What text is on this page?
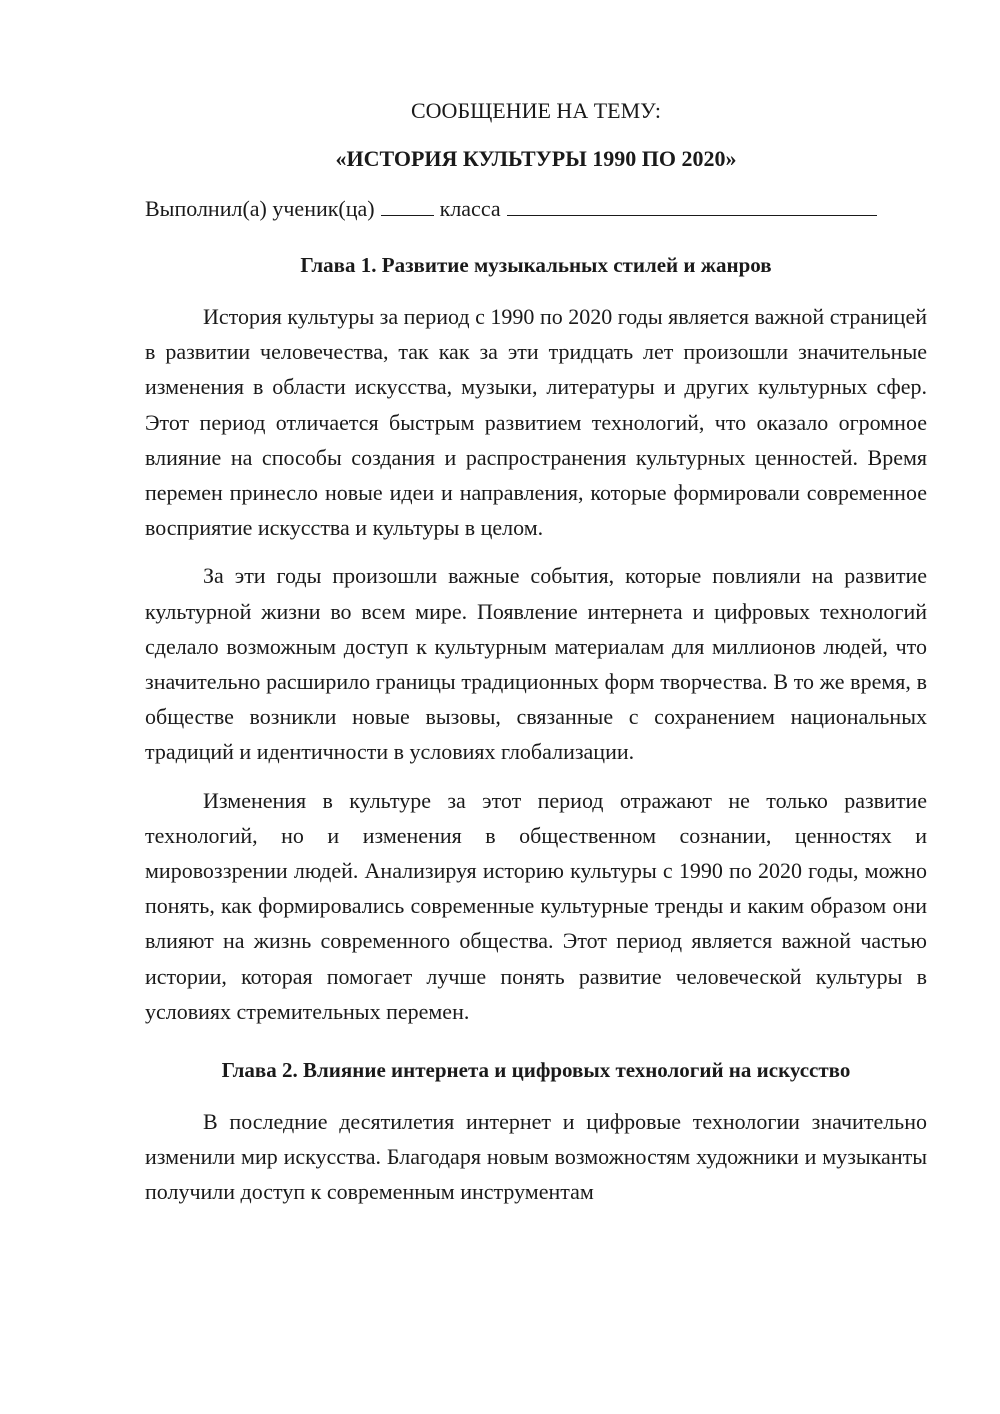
СООБЩЕНИЕ НА ТЕМУ:

«ИСТОРИЯ КУЛЬТУРЫ 1990 ПО 2020»

Выполнил(а) ученик(ца)	класса

Глава 1. Развитие музыкальных стилей и жанров

История культуры за период с 1990 по 2020 годы является важной страницей в развитии человечества, так как за эти тридцать лет произошли значительные изменения в области искусства, музыки, литературы и других культурных сфер. Этот период отличается быстрым развитием технологий, что оказало огромное влияние на способы создания и распространения культурных ценностей. Время перемен принесло новые идеи и направления, которые формировали современное восприятие искусства и культуры в целом.

За эти годы произошли важные события, которые повлияли на развитие культурной жизни во всем мире. Появление интернета и цифровых технологий сделало возможным доступ к культурным материалам для миллионов людей, что значительно расширило границы традиционных форм творчества. В то же время, в обществе возникли новые вызовы, связанные с сохранением национальных традиций и идентичности в условиях глобализации.

Изменения в культуре за этот период отражают не только развитие технологий, но и изменения в общественном сознании, ценностях и мировоззрении людей. Анализируя историю культуры с 1990 по 2020 годы, можно понять, как формировались современные культурные тренды и каким образом они влияют на жизнь современного общества. Этот период является важной частью истории, которая помогает лучше понять развитие человеческой культуры в условиях стремительных перемен.

Глава 2. Влияние интернета и цифровых технологий на искусство

В последние десятилетия интернет и цифровые технологии значительно изменили мир искусства. Благодаря новым возможностям художники и музыканты получили доступ к современным инструментам
